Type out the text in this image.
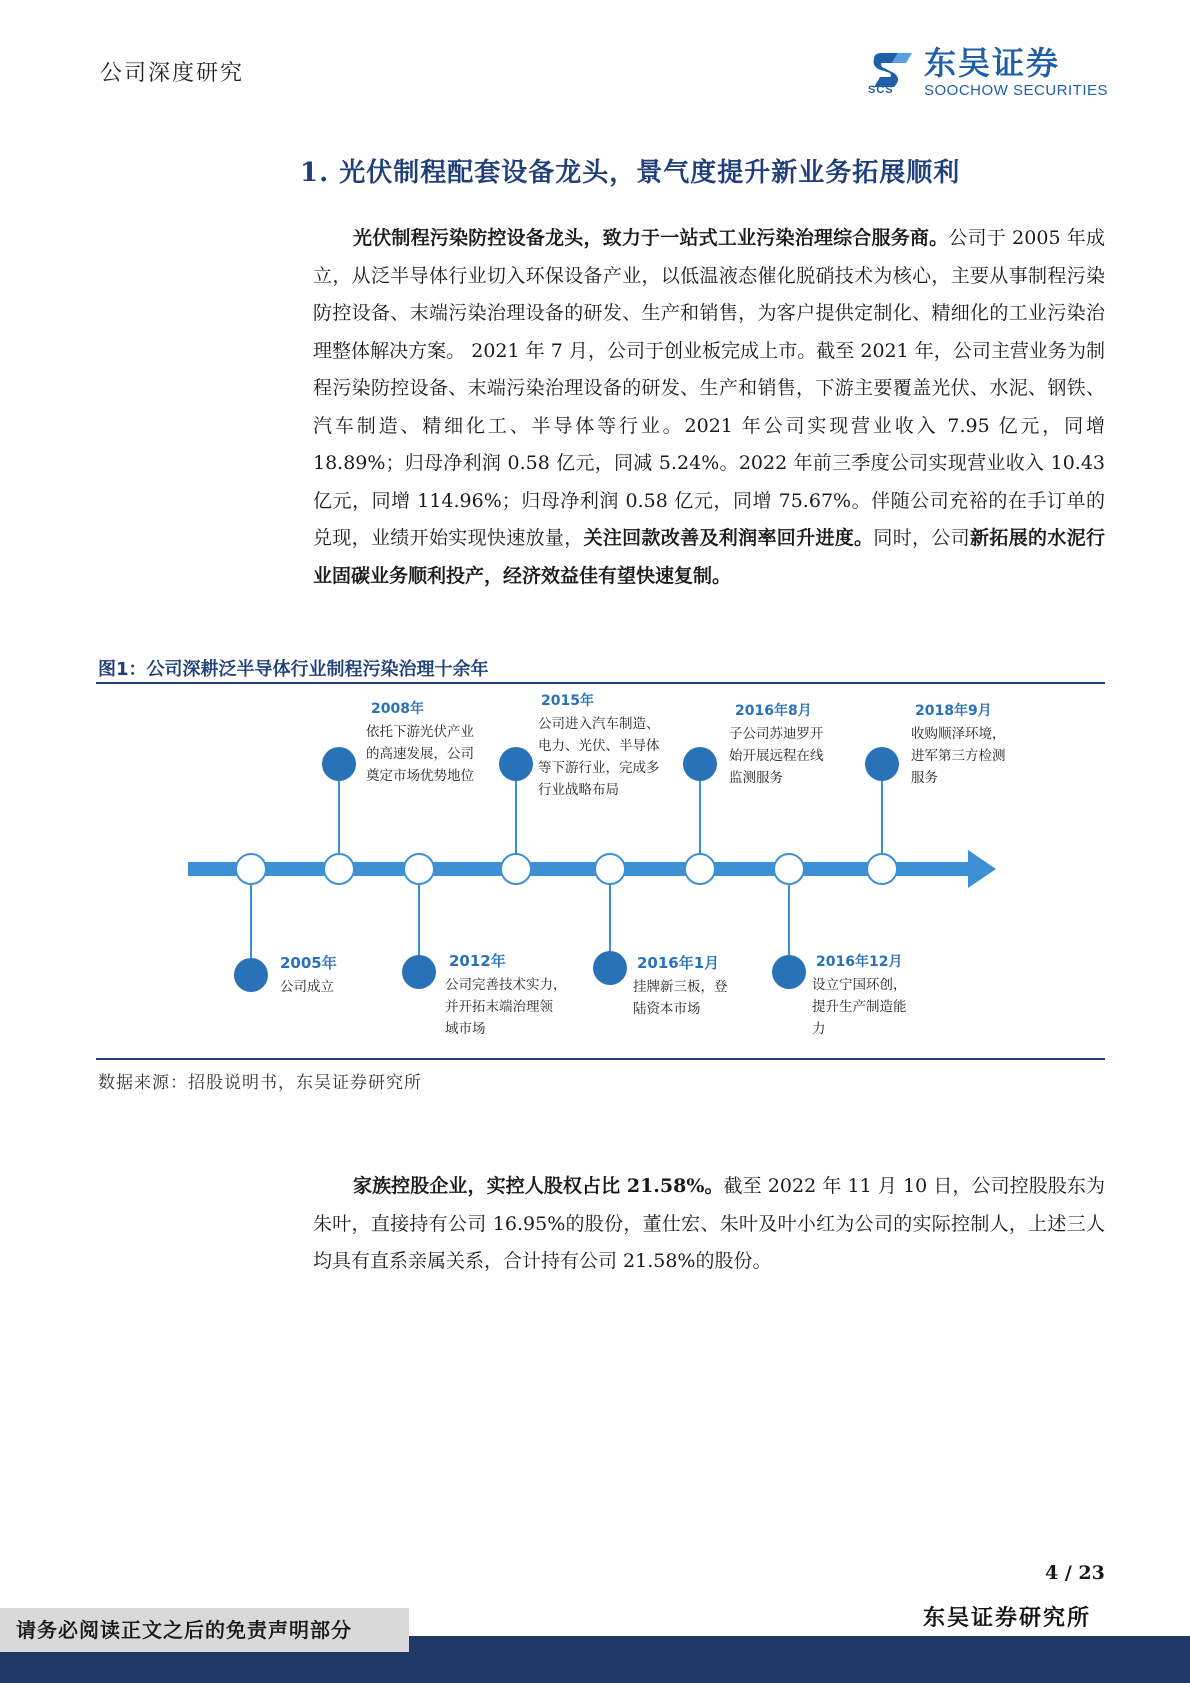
公司深度研究
SCS
东吴证券
SOOCHOW SECURITIES
1. 光伏制程配套设备龙头，景气度提升新业务拓展顺利

光伏制程污染防控设备龙头，致力于一站式工业污染治理综合服务商。公司于 2005 年成立，从泛半导体行业切入环保设备产业，以低温液态催化脱硝技术为核心，主要从事制程污染防控设备、末端污染治理设备的研发、生产和销售，为客户提供定制化、精细化的工业污染治理整体解决方案。 2021 年 7 月，公司于创业板完成上市。截至 2021 年，公司主营业务为制程污染防控设备、末端污染治理设备的研发、生产和销售，下游主要覆盖光伏、水泥、钢铁、汽车制造、精细化工、半导体等行业。2021 年公司实现营业收入 7.95 亿元，同增 18.89%；归母净利润 0.58 亿元，同减 5.24%。2022 年前三季度公司实现营业收入 10.43 亿元，同增 114.96%；归母净利润 0.58 亿元，同增 75.67%。伴随公司充裕的在手订单的兑现，业绩开始实现快速放量，关注回款改善及利润率回升进度。同时，公司新拓展的水泥行业固碳业务顺利投产，经济效益佳有望快速复制。

图1：公司深耕泛半导体行业制程污染治理十余年
2008年
依托下游光伏产业
的高速发展，公司
奠定市场优势地位
2015年
公司进入汽车制造、
电力、光伏、半导体
等下游行业，完成多
行业战略布局
2016年8月
子公司苏迪罗开
始开展远程在线
监测服务
2018年9月
收购顺泽环境，
进军第三方检测
服务
2005年
公司成立
2012年
公司完善技术实力，
并开拓末端治理领
域市场
2016年1月
挂牌新三板，登
陆资本市场
2016年12月
设立宁国环创，
提升生产制造能
力
数据来源：招股说明书，东吴证券研究所

家族控股企业，实控人股权占比 21.58%。截至 2022 年 11 月 10 日，公司控股股东为朱叶，直接持有公司 16.95%的股份，董仕宏、朱叶及叶小红为公司的实际控制人，上述三人均具有直系亲属关系，合计持有公司 21.58%的股份。

4 / 23
东吴证券研究所
请务必阅读正文之后的免责声明部分
